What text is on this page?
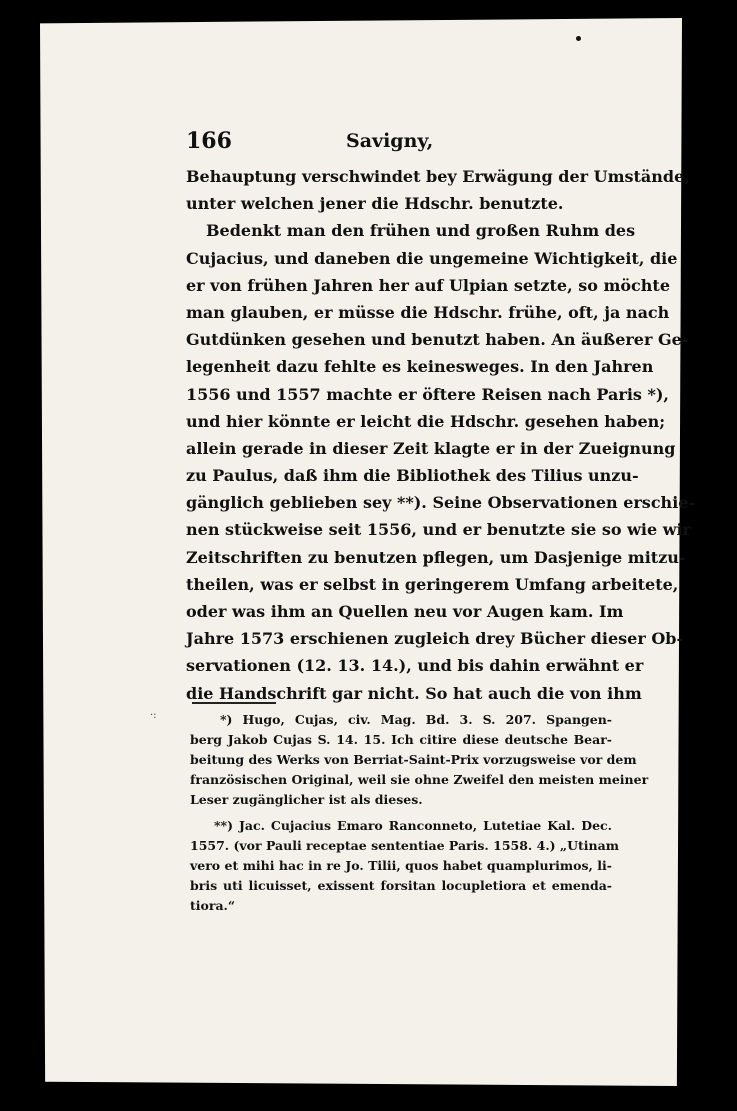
166	Savigny,
Behauptung verschwindet bey Erwägung der Umstände,
unter welchen jener die Hdschr. benutzte.
Bedenkt man den frühen und großen Ruhm des
Cujacius, und daneben die ungemeine Wichtigkeit, die
er von frühen Jahren her auf Ulpian setzte, so möchte
man glauben, er müsse die Hdschr. frühe, oft, ja nach
Gutdünken gesehen und benutzt haben. An äußerer Ge-
legenheit dazu fehlte es keinesweges. In den Jahren
1556 und 1557 machte er öftere Reisen nach Paris *),
und hier könnte er leicht die Hdschr. gesehen haben;
allein gerade in dieser Zeit klagte er in der Zueignung
zu Paulus, daß ihm die Bibliothek des Tilius unzu-
gänglich geblieben sey **). Seine Observationen erschie-
nen stückweise seit 1556, und er benutzte sie so wie wir
Zeitschriften zu benutzen pflegen, um Dasjenige mitzu-
theilen, was er selbst in geringerem Umfang arbeitete,
oder was ihm an Quellen neu vor Augen kam. Im
Jahre 1573 erschienen zugleich drey Bücher dieser Ob-
servationen (12. 13. 14.), und bis dahin erwähnt er
die Handschrift gar nicht. So hat auch die von ihm
·:	*) Hugo, Cujas, civ. Mag. Bd. 3. S. 207. Spangen-
berg Jakob Cujas S. 14. 15. Ich citire diese deutsche Bear-
beitung des Werks von Berriat-Saint-Prix vorzugsweise vor dem
französischen Original, weil sie ohne Zweifel den meisten meiner
Leser zugänglicher ist als dieses.
**) Jac. Cujacius Emaro Ranconneto, Lutetiae Kal. Dec.
1557. (vor Pauli receptae sententiae Paris. 1558. 4.) „Utinam
vero et mihi hac in re Jo. Tilii, quos habet quamplurimos, li-
bris uti licuisset, exissent forsitan locupletiora et emenda-
tiora.“
